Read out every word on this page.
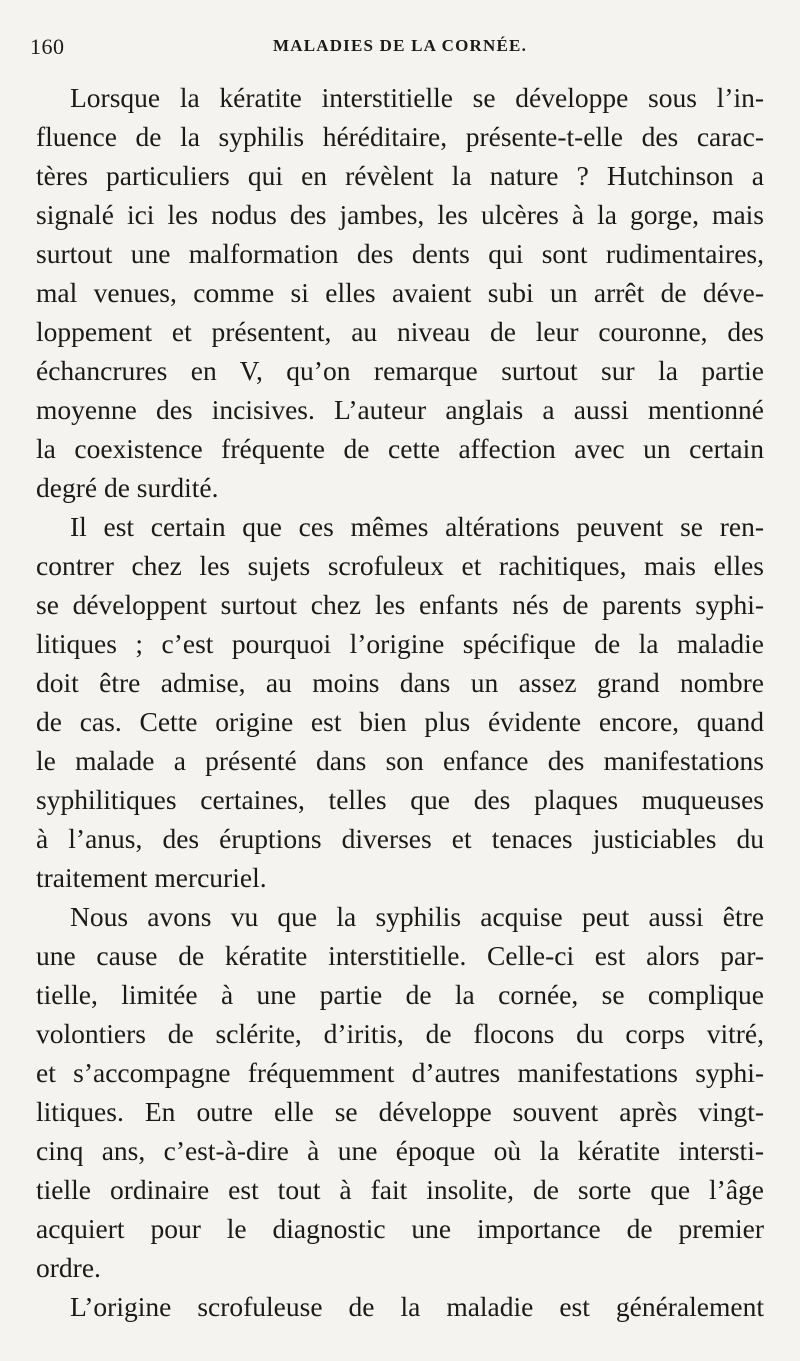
160	MALADIES DE LA CORNÉE.
Lorsque la kératite interstitielle se développe sous l’in-
fluence de la syphilis héréditaire, présente-t-elle des carac-
tères particuliers qui en révèlent la nature ? Hutchinson a
signalé ici les nodus des jambes, les ulcères à la gorge, mais
surtout une malformation des dents qui sont rudimentaires,
mal venues, comme si elles avaient subi un arrêt de déve-
loppement et présentent, au niveau de leur couronne, des
échancrures en V, qu’on remarque surtout sur la partie
moyenne des incisives. L’auteur anglais a aussi mentionné
la coexistence fréquente de cette affection avec un certain
degré de surdité.
Il est certain que ces mêmes altérations peuvent se ren-
contrer chez les sujets scrofuleux et rachitiques, mais elles
se développent surtout chez les enfants nés de parents syphi-
litiques ; c’est pourquoi l’origine spécifique de la maladie
doit être admise, au moins dans un assez grand nombre
de cas. Cette origine est bien plus évidente encore, quand
le malade a présenté dans son enfance des manifestations
syphilitiques certaines, telles que des plaques muqueuses
à l’anus, des éruptions diverses et tenaces justiciables du
traitement mercuriel.
Nous avons vu que la syphilis acquise peut aussi être
une cause de kératite interstitielle. Celle-ci est alors par-
tielle, limitée à une partie de la cornée, se complique
volontiers de sclérite, d’iritis, de flocons du corps vitré,
et s’accompagne fréquemment d’autres manifestations syphi-
litiques. En outre elle se développe souvent après vingt-
cinq ans, c’est-à-dire à une époque où la kératite intersti-
tielle ordinaire est tout à fait insolite, de sorte que l’âge
acquiert pour le diagnostic une importance de premier
ordre.
L’origine scrofuleuse de la maladie est généralement
